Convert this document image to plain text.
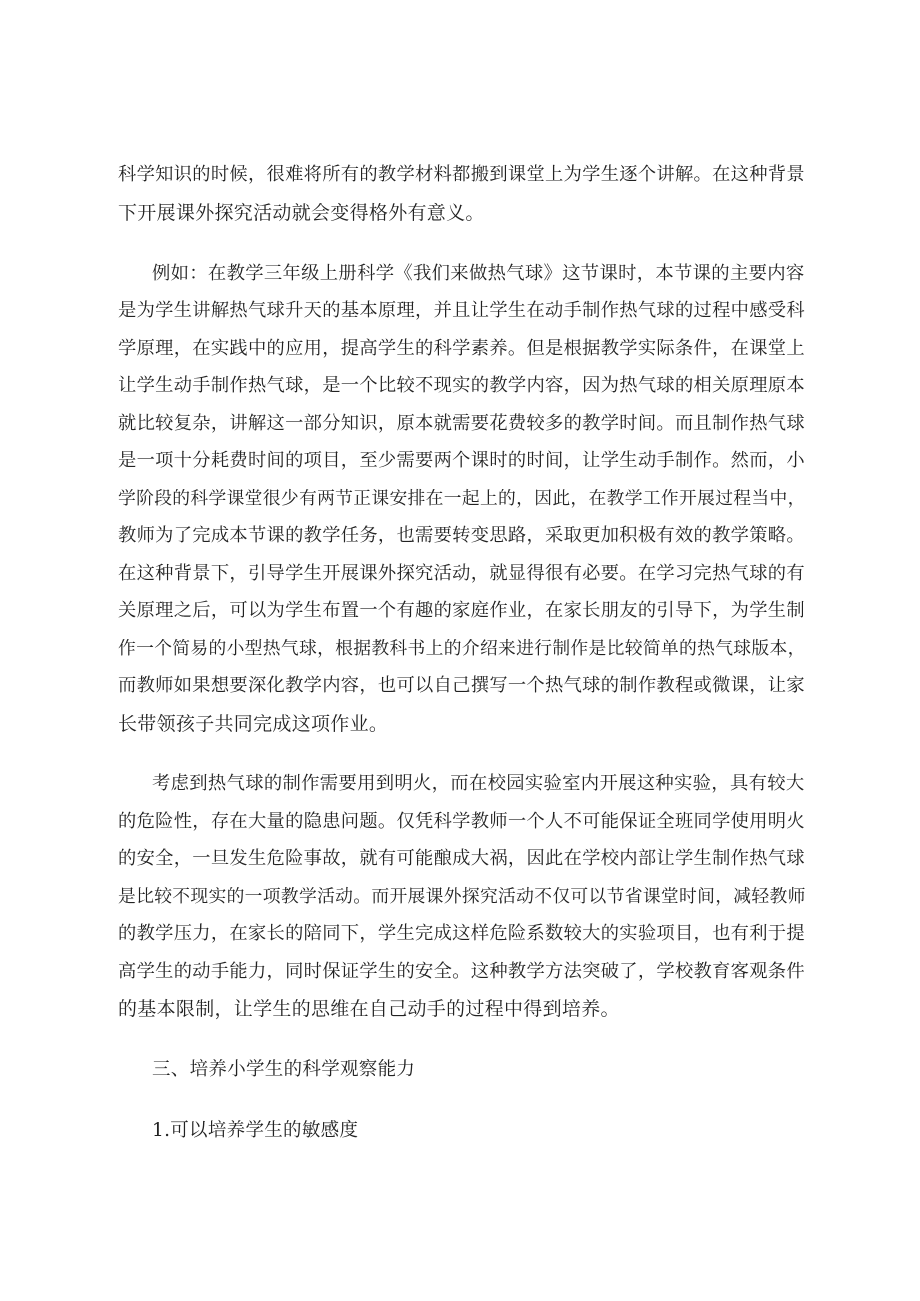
科学知识的时候，很难将所有的教学材料都搬到课堂上为学生逐个讲解。在这种背景
下开展课外探究活动就会变得格外有意义。
例如：在教学三年级上册科学《我们来做热气球》这节课时，本节课的主要内容
是为学生讲解热气球升天的基本原理，并且让学生在动手制作热气球的过程中感受科
学原理，在实践中的应用，提高学生的科学素养。但是根据教学实际条件，在课堂上
让学生动手制作热气球，是一个比较不现实的教学内容，因为热气球的相关原理原本
就比较复杂，讲解这一部分知识，原本就需要花费较多的教学时间。而且制作热气球
是一项十分耗费时间的项目，至少需要两个课时的时间，让学生动手制作。然而，小
学阶段的科学课堂很少有两节正课安排在一起上的，因此，在教学工作开展过程当中，
教师为了完成本节课的教学任务，也需要转变思路，采取更加积极有效的教学策略。
在这种背景下，引导学生开展课外探究活动，就显得很有必要。在学习完热气球的有
关原理之后，可以为学生布置一个有趣的家庭作业，在家长朋友的引导下，为学生制
作一个简易的小型热气球，根据教科书上的介绍来进行制作是比较简单的热气球版本，
而教师如果想要深化教学内容，也可以自己撰写一个热气球的制作教程或微课，让家
长带领孩子共同完成这项作业。
考虑到热气球的制作需要用到明火，而在校园实验室内开展这种实验，具有较大
的危险性，存在大量的隐患问题。仅凭科学教师一个人不可能保证全班同学使用明火
的安全，一旦发生危险事故，就有可能酿成大祸，因此在学校内部让学生制作热气球
是比较不现实的一项教学活动。而开展课外探究活动不仅可以节省课堂时间，减轻教师
的教学压力，在家长的陪同下，学生完成这样危险系数较大的实验项目，也有利于提
高学生的动手能力，同时保证学生的安全。这种教学方法突破了，学校教育客观条件
的基本限制，让学生的思维在自己动手的过程中得到培养。
三、培养小学生的科学观察能力
1.可以培养学生的敏感度
